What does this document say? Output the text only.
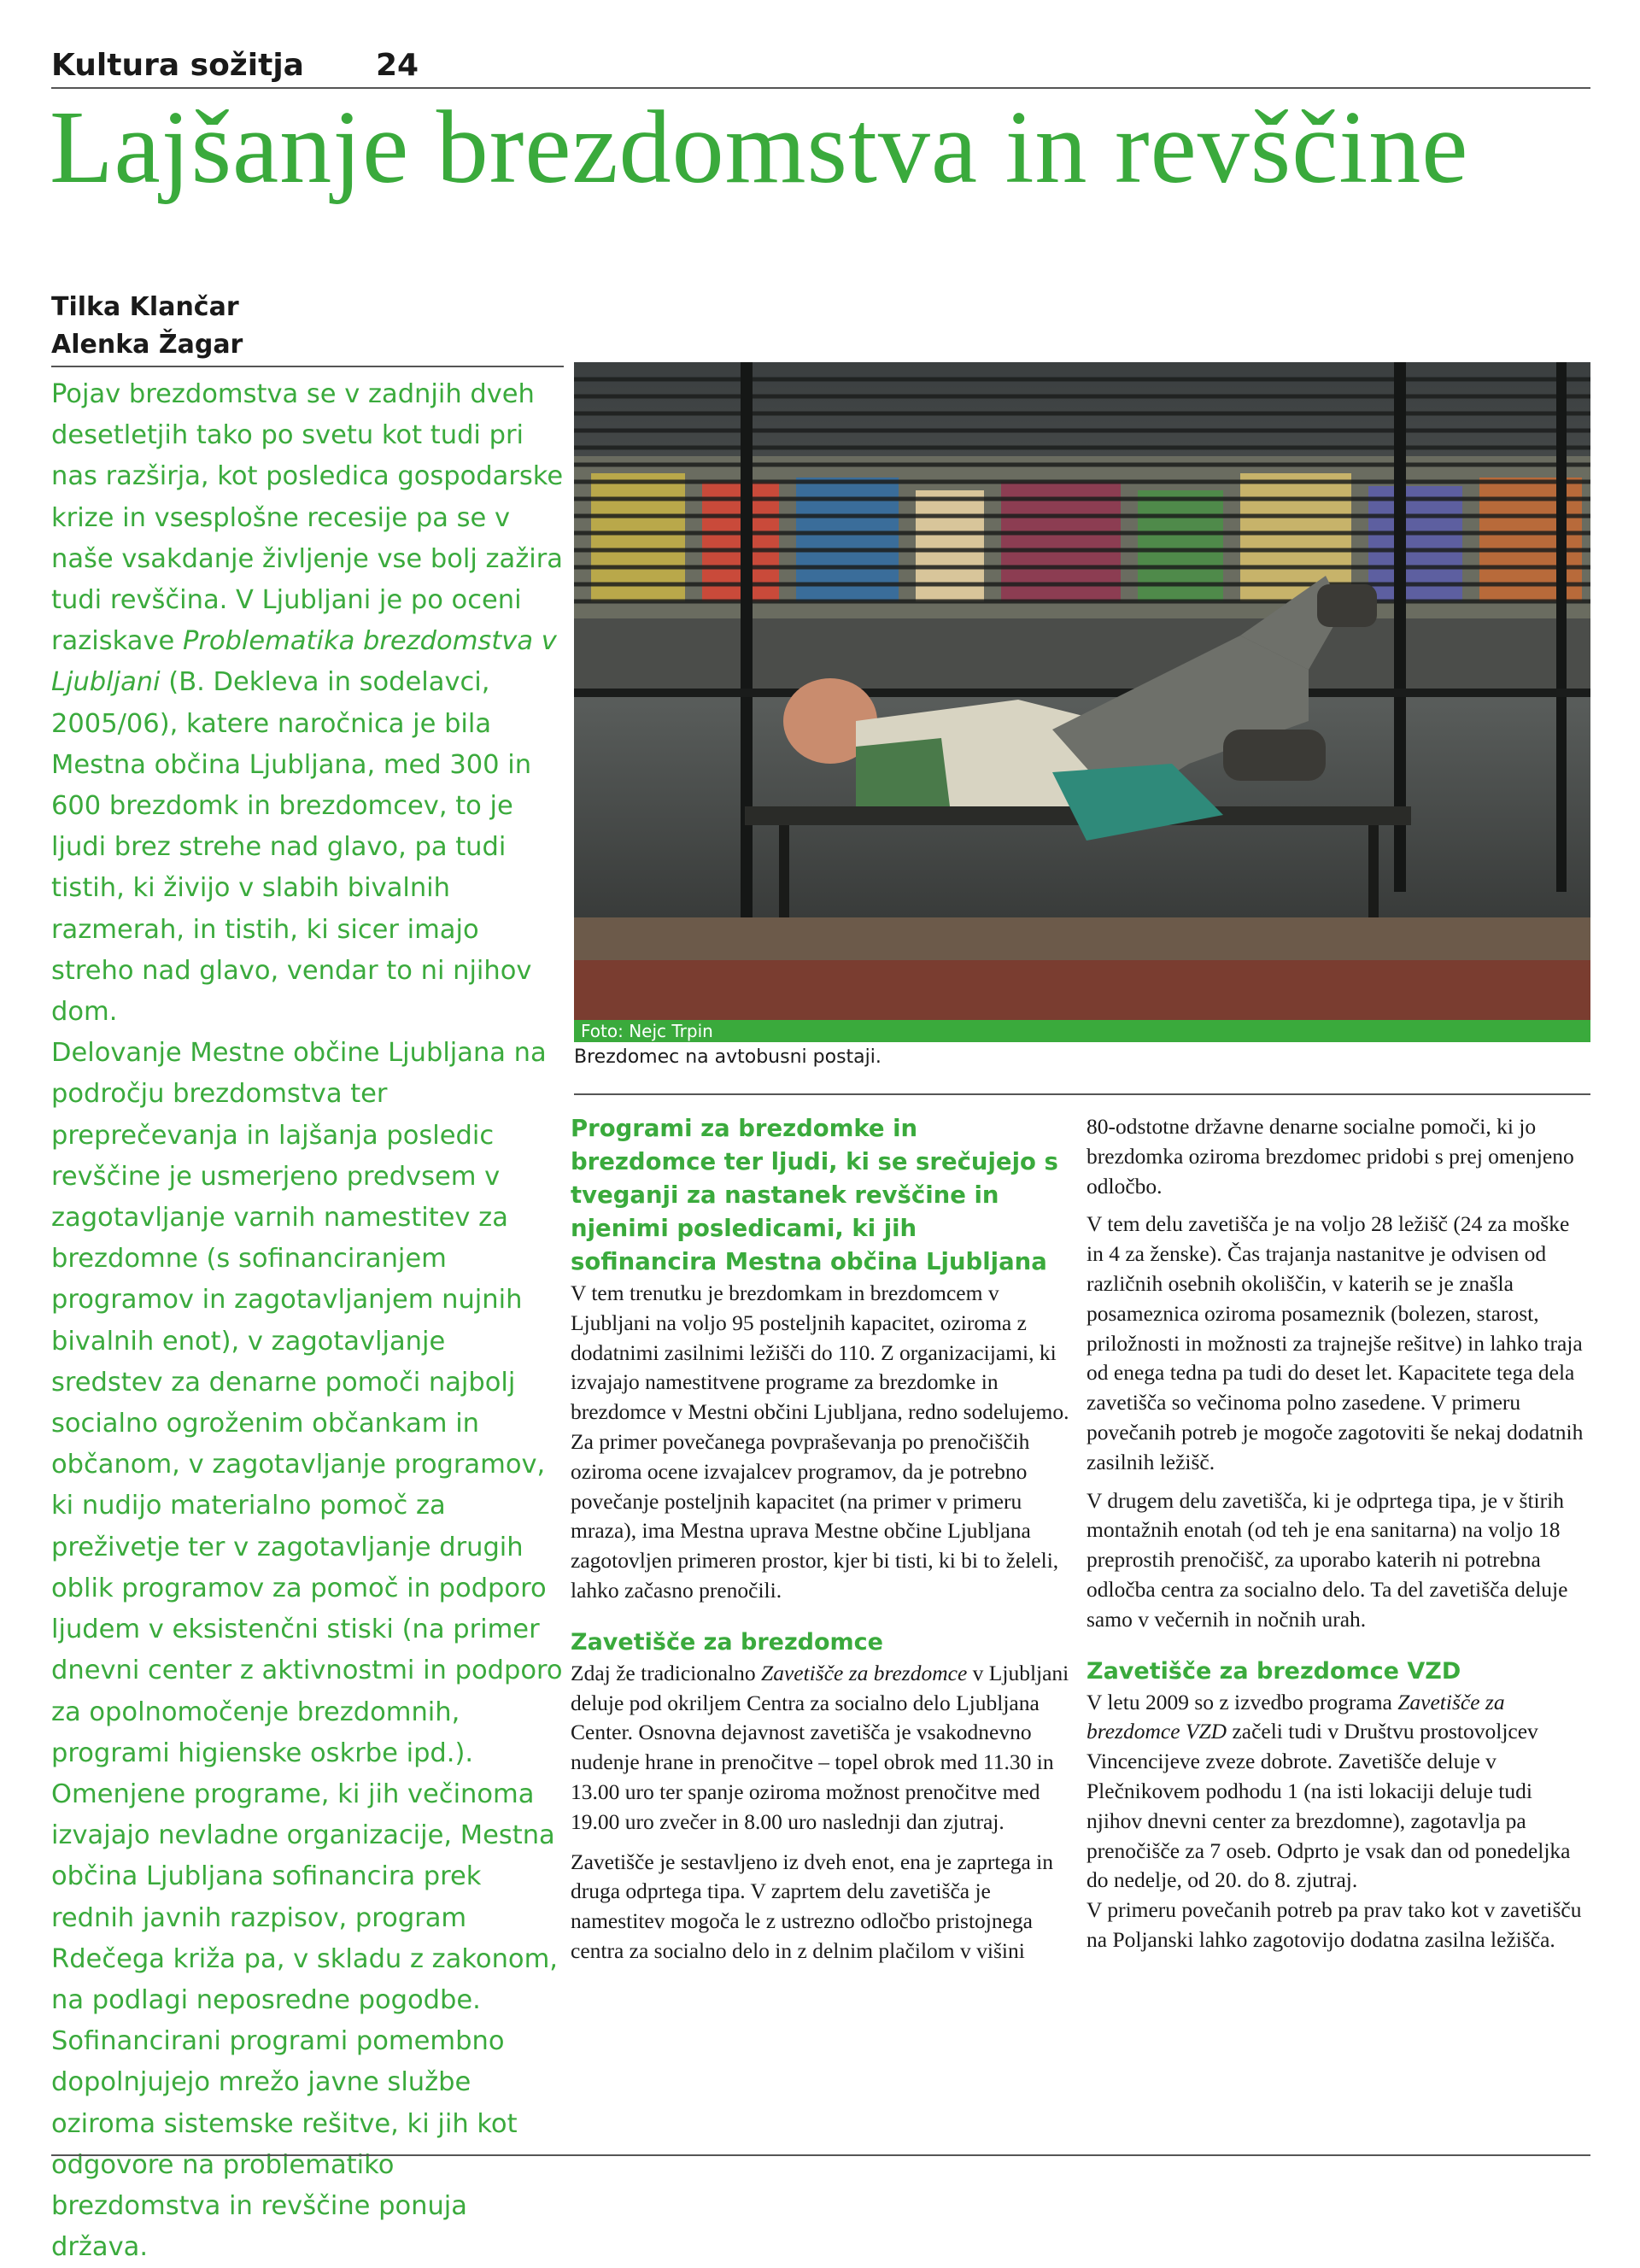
Kultura sožitja 24
Lajšanje brezdomstva in revščine
Tilka Klančar
Alenka Žagar

Pojav brezdomstva se v zadnjih dveh desetletjih tako po svetu kot tudi pri nas razširja, kot posledica gospodarske krize in vsesplošne recesije pa se v naše vsakdanje življenje vse bolj zažira tudi revščina. V Ljubljani je po oceni raziskave Problematika brezdomstva v Ljubljani (B. Dekleva in sodelavci, 2005/06), katere naročnica je bila Mestna občina Ljubljana, med 300 in 600 brezdomk in brezdomcev, to je ljudi brez strehe nad glavo, pa tudi tistih, ki živijo v slabih bivalnih razmerah, in tistih, ki sicer imajo streho nad glavo, vendar to ni njihov dom.

Delovanje Mestne občine Ljubljana na področju brezdomstva ter preprečevanja in lajšanja posledic revščine je usmerjeno predvsem v zagotavljanje varnih namestitev za brezdomne (s sofinanciranjem programov in zagotavljanjem nujnih bivalnih enot), v zagotavljanje sredstev za denarne pomoči najbolj socialno ogroženim občankam in občanom, v zagotavljanje programov, ki nudijo materialno pomoč za preživetje ter v zagotavljanje drugih oblik programov za pomoč in podporo ljudem v eksistenčni stiski (na primer dnevni center z aktivnostmi in podporo za opolnomočenje brezdomnih, programi higienske oskrbe ipd.).

Omenjene programe, ki jih večinoma izvajajo nevladne organizacije, Mestna občina Ljubljana sofinancira prek rednih javnih razpisov, program Rdečega križa pa, v skladu z zakonom, na podlagi neposredne pogodbe. Sofinancirani programi pomembno dopolnjujejo mrežo javne službe oziroma sistemske rešitve, ki jih kot odgovore na problematiko brezdomstva in revščine ponuja država.

Foto: Nejc Trpin
Brezdomec na avtobusni postaji.
Programi za brezdomke in brezdomce ter ljudi, ki se srečujejo s tveganji za nastanek revščine in njenimi posledicami, ki jih sofinancira Mestna občina Ljubljana

V tem trenutku je brezdomkam in brezdomcem v Ljubljani na voljo 95 posteljnih kapacitet, oziroma z dodatnimi zasilnimi ležišči do 110. Z organizacijami, ki izvajajo namestitvene programe za brezdomke in brezdomce v Mestni občini Ljubljana, redno sodelujemo. Za primer povečanega povpraševanja po prenočiščih oziroma ocene izvajalcev programov, da je potrebno povečanje posteljnih kapacitet (na primer v primeru mraza), ima Mestna uprava Mestne občine Ljubljana zagotovljen primeren prostor, kjer bi tisti, ki bi to želeli, lahko začasno prenočili.

Zavetišče za brezdomce

Zdaj že tradicionalno Zavetišče za brezdomce v Ljubljani deluje pod okriljem Centra za socialno delo Ljubljana Center. Osnovna dejavnost zavetišča je vsakodnevno nudenje hrane in prenočitve – topel obrok med 11.30 in 13.00 uro ter spanje oziroma možnost prenočitve med 19.00 uro zvečer in 8.00 uro naslednji dan zjutraj.

Zavetišče je sestavljeno iz dveh enot, ena je zaprtega in druga odprtega tipa. V zaprtem delu zavetišča je namestitev mogoča le z ustrezno odločbo pristojnega centra za socialno delo in z delnim plačilom v višini

80-odstotne državne denarne socialne pomoči, ki jo brezdomka oziroma brezdomec pridobi s prej omenjeno odločbo.

V tem delu zavetišča je na voljo 28 ležišč (24 za moške in 4 za ženske). Čas trajanja nastanitve je odvisen od različnih osebnih okoliščin, v katerih se je znašla posameznica oziroma posameznik (bolezen, starost, priložnosti in možnosti za trajnejše rešitve) in lahko traja od enega tedna pa tudi do deset let. Kapacitete tega dela zavetišča so večinoma polno zasedene. V primeru povečanih potreb je mogoče zagotoviti še nekaj dodatnih zasilnih ležišč.

V drugem delu zavetišča, ki je odprtega tipa, je v štirih montažnih enotah (od teh je ena sanitarna) na voljo 18 preprostih prenočišč, za uporabo katerih ni potrebna odločba centra za socialno delo. Ta del zavetišča deluje samo v večernih in nočnih urah.

Zavetišče za brezdomce VZD

V letu 2009 so z izvedbo programa Zavetišče za brezdomce VZD začeli tudi v Društvu prostovoljcev Vincencijeve zveze dobrote. Zavetišče deluje v Plečnikovem podhodu 1 (na isti lokaciji deluje tudi njihov dnevni center za brezdomne), zagotavlja pa prenočišče za 7 oseb. Odprto je vsak dan od ponedeljka do nedelje, od 20. do 8. zjutraj.

V primeru povečanih potreb pa prav tako kot v zavetišču na Poljanski lahko zagotovijo dodatna zasilna ležišča.
